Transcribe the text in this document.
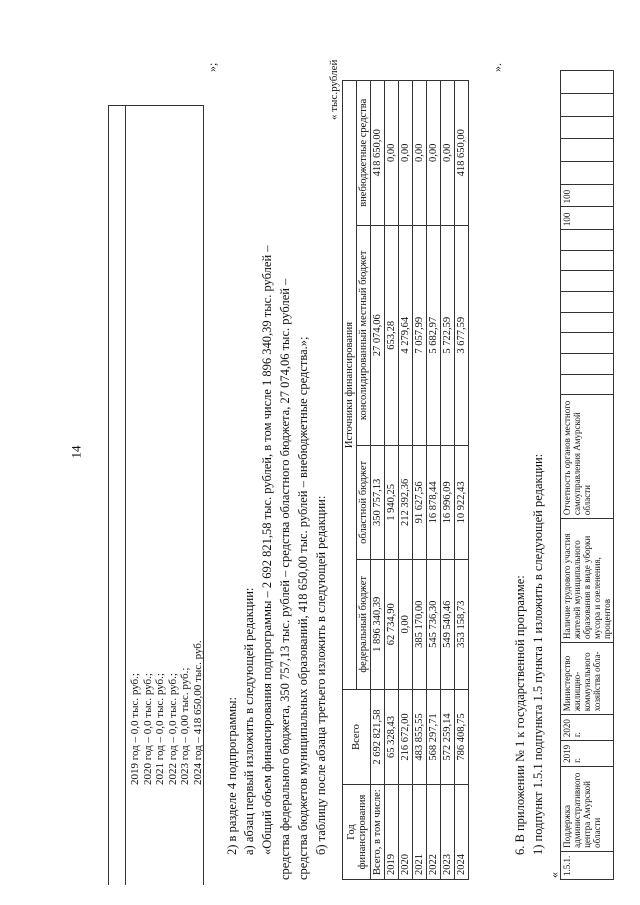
14
2019 год – 0,0 тыс. руб.; 2020 год – 0,0 тыс. руб.; 2021 год – 0,0 тыс. руб.; 2022 год – 0,0 тыс. руб.; 2023 год – 0,00 тыс. руб.; 2024 год – 418 650,00 тыс. руб.
»;
2) в разделе 4 подпрограммы: а) абзац первый изложить в следующей редакции: «Общий объем финансирования подпрограммы – 2 692 821,58 тыс. рублей, в том числе 1 896 340,39 тыс. рублей – средства федерального бюджета, 350 757,13 тыс. рублей – средства областного бюджета, 27 074,06 тыс. рублей – средства бюджетов муниципальных образований, 418 650,00 тыс. рублей – внебюджетные средства.»; б) таблицу после абзаца третьего изложить в следующей редакции:
« тыс.рублей
Год финансирования	Всего	Источники финансирования			
		федеральный бюджет	областной бюджет	консолидированный местный бюджет	внебюджетные средства
Всего, в том числе:	2 692 821,58	1 896 340,39	350 757,13	27 074,06	418 650,00
2019	65 328,43	62 734,90	1 940,25	653,28	0,00
2020	216 672,00	0,00	212 392,36	4 279,64	0,00
2021	483 855,55	385 170,00	91 627,56	7 057,99	0,00
2022	568 297,71	545 736,30	16 878,44	5 682,97	0,00
2023	572 259,14	549 540,46	16 996,09	5 722,59	0,00
2024	786 408,75	353 158,73	10 922,43	3 677,59	418 650,00
».
6. В приложении № 1 к государственной программе: 1) подпункт 1.5.1 подпункта 1.5 пункта 1 изложить в следующей редакции:
« 1.5.1.	Поддержка административного центра Амурской области	2019 г.	2020 г.	Министерство жилищно-коммунального хозяйства обла-	Наличие трудового участия жителей муниципального образования в виде уборки мусора и озеленения, процентов	Отчетность органов местного самоуправления Амурской области									100	100					
